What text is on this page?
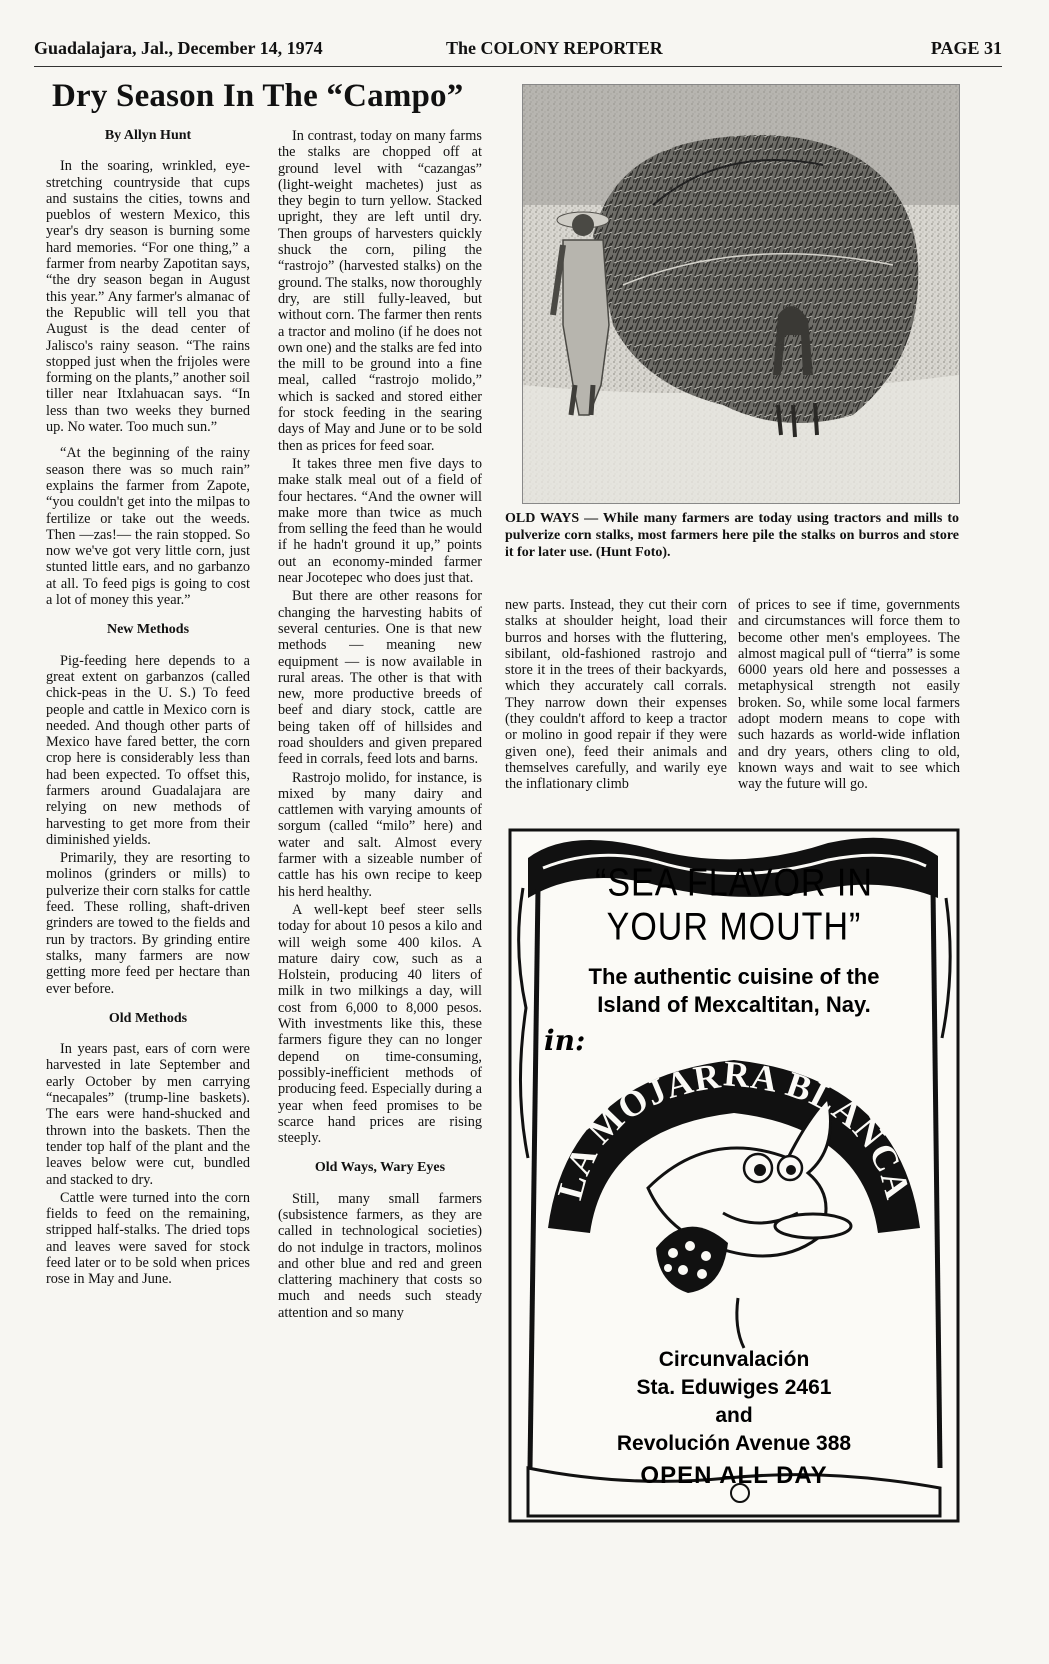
Guadalajara, Jal., December 14, 1974	The COLONY REPORTER	PAGE 31
Dry Season In The “Campo”
By Allyn Hunt

In the soaring, wrinkled, eye-stretching countryside that cups and sustains the cities, towns and pueblos of western Mexico, this year's dry season is burning some hard memories. “For one thing,” a farmer from nearby Zapotitan says, “the dry season began in August this year.” Any farmer's almanac of the Republic will tell you that August is the dead center of Jalisco's rainy season. “The rains stopped just when the frijoles were forming on the plants,” another soil tiller near Itxlahuacan says. “In less than two weeks they burned up. No water. Too much sun.”

“At the beginning of the rainy season there was so much rain” explains the farmer from Zapote, “you couldn't get into the milpas to fertilize or take out the weeds. Then —zas!— the rain stopped. So now we've got very little corn, just stunted little ears, and no garbanzo at all. To feed pigs is going to cost a lot of money this year.”

New Methods

Pig-feeding here depends to a great extent on garbanzos (called chick-peas in the U. S.) To feed people and cattle in Mexico corn is needed. And though other parts of Mexico have fared better, the corn crop here is considerably less than had been expected. To offset this, farmers around Guadalajara are relying on new methods of harvesting to get more from their diminished yields.

Primarily, they are resorting to molinos (grinders or mills) to pulverize their corn stalks for cattle feed. These rolling, shaft-driven grinders are towed to the fields and run by tractors. By grinding entire stalks, many farmers are now getting more feed per hectare than ever before.

Old Methods

In years past, ears of corn were harvested in late September and early October by men carrying “necapales” (trump-line baskets). The ears were hand-shucked and thrown into the baskets. Then the tender top half of the plant and the leaves below were cut, bundled and stacked to dry.

Cattle were turned into the corn fields to feed on the remaining, stripped half-stalks. The dried tops and leaves were saved for stock feed later or to be sold when prices rose in May and June.

In contrast, today on many farms the stalks are chopped off at ground level with “cazangas” (light-weight machetes) just as they begin to turn yellow. Stacked upright, they are left until dry. Then groups of harvesters quickly shuck the corn, piling the “rastrojo” (harvested stalks) on the ground. The stalks, now thoroughly dry, are still fully-leaved, but without corn. The farmer then rents a tractor and molino (if he does not own one) and the stalks are fed into the mill to be ground into a fine meal, called “rastrojo molido,” which is sacked and stored either for stock feeding in the searing days of May and June or to be sold then as prices for feed soar.

It takes three men five days to make stalk meal out of a field of four hectares. “And the owner will make more than twice as much from selling the feed than he would if he hadn't ground it up,” points out an economy-minded farmer near Jocotepec who does just that.

But there are other reasons for changing the harvesting habits of several centuries. One is that new methods — meaning new equipment — is now available in rural areas. The other is that with new, more productive breeds of beef and diary stock, cattle are being taken off of hillsides and road shoulders and given prepared feed in corrals, feed lots and barns.

Rastrojo molido, for instance, is mixed by many dairy and cattlemen with varying amounts of sorgum (called “milo” here) and water and salt. Almost every farmer with a sizeable number of cattle has his own recipe to keep his herd healthy.

A well-kept beef steer sells today for about 10 pesos a kilo and will weigh some 400 kilos. A mature dairy cow, such as a Holstein, producing 40 liters of milk in two milkings a day, will cost from 6,000 to 8,000 pesos. With investments like this, these farmers figure they can no longer depend on time-consuming, possibly-inefficient methods of producing feed. Especially during a year when feed promises to be scarce hand prices are rising steeply.

Old Ways, Wary Eyes

Still, many small farmers (subsistence farmers, as they are called in technological societies) do not indulge in tractors, molinos and other blue and red and green clattering machinery that costs so much and needs such steady attention and so many

OLD WAYS — While many farmers are today using tractors and mills to pulverize corn stalks, most farmers here pile the stalks on burros and store it for later use. (Hunt Foto).

new parts. Instead, they cut their corn stalks at shoulder height, load their burros and horses with the fluttering, sibilant, old-fashioned rastrojo and store it in the trees of their backyards, which they accurately call corrals. They narrow down their expenses (they couldn't afford to keep a tractor or molino in good repair if they were given one), feed their animals and themselves carefully, and warily eye the inflationary climb

of prices to see if time, governments and circumstances will force them to become other men's employees. The almost magical pull of “tierra” is some 6000 years old here and possesses a metaphysical strength not easily broken. So, while some local farmers adopt modern means to cope with such hazards as world-wide inflation and dry years, others cling to old, known ways and wait to see which way the future will go.

“SEA FLAVOR IN
YOUR MOUTH”
The authentic cuisine of the
Island of Mexcaltitan, Nay.
in:
LA MOJARRA BLANCA
Circunvalación
Sta. Eduwiges 2461
and
Revolución Avenue 388
OPEN ALL DAY
